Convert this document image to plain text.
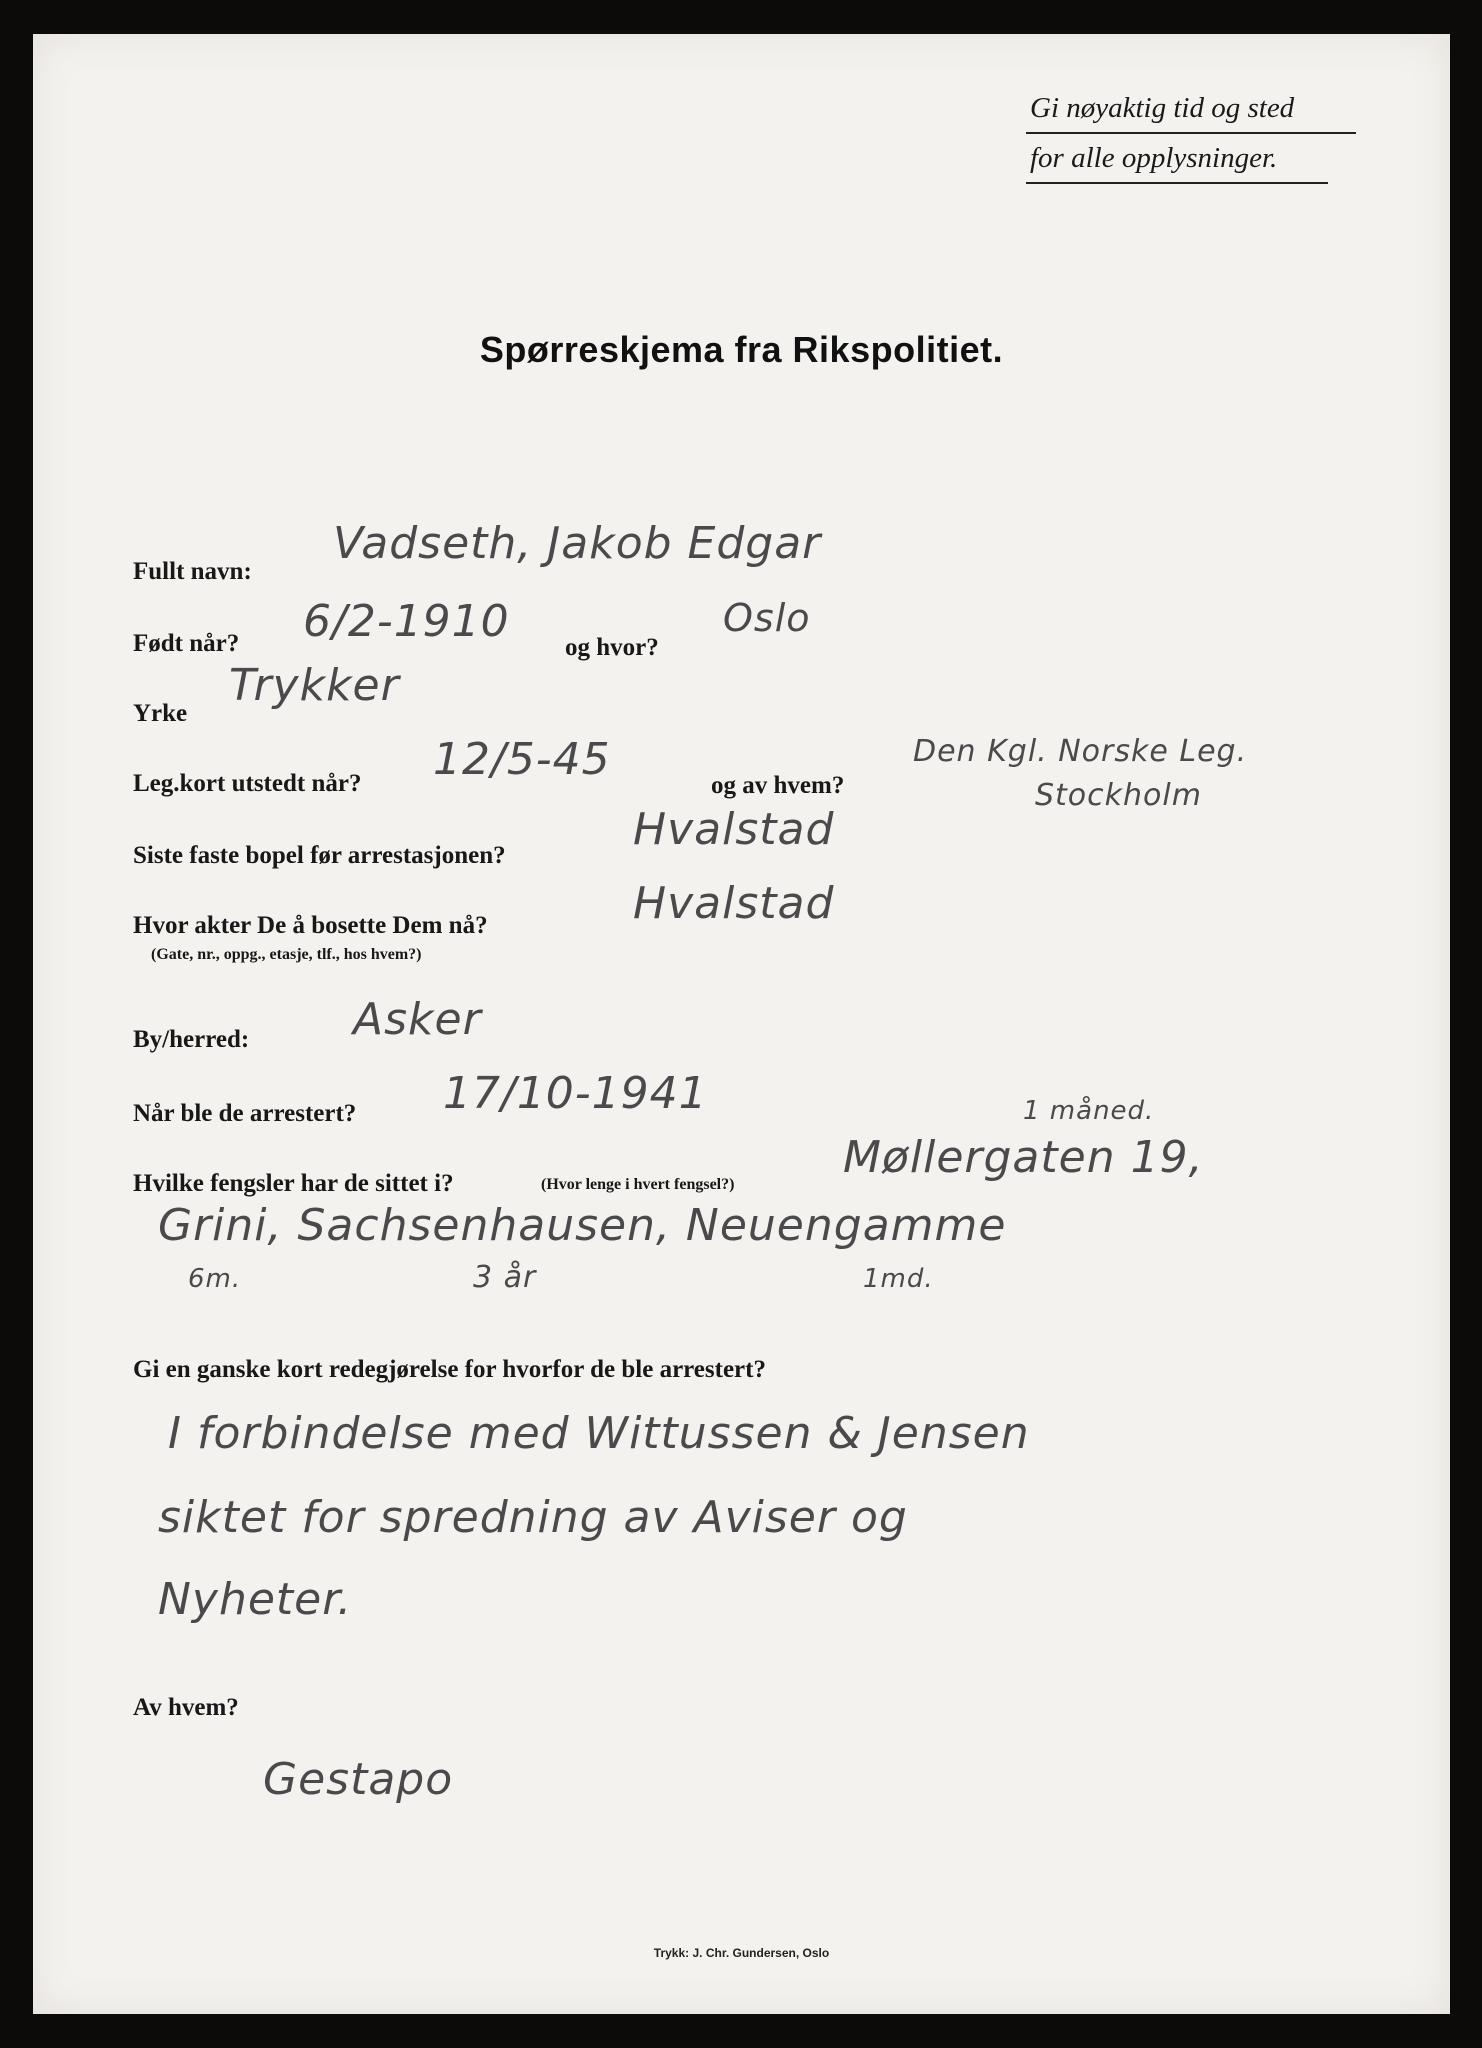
Gi nøyaktig tid og sted
for alle opplysninger.
Spørreskjema fra Rikspolitiet.
Fullt navn:
Vadseth, Jakob Edgar
Født når? 6/2-1910
og hvor?
Oslo
Yrke
Trykker
Leg.kort utstedt når? 12/5-45
og av hvem?
Den Kgl. Norske Leg.
Stockholm
Siste faste bopel før arrestasjonen?
Hvalstad
Hvor akter De å bosette Dem nå?	Hvalstad
(Gate, nr., oppg., etasje, tlf., hos hvem?)
By/herred: Asker
Når ble de arrestert? 17/10-1941	1 måned.
Hvilke fengsler har de sittet i?	(Hvor lenge i hvert fengsel?)
Møllergaten 19,
Grini, Sachsenhausen, Neuengamme
6m.	3 år	1md.
Gi en ganske kort redegjørelse for hvorfor de ble arrestert?
I forbindelse med Wittussen & Jensen
siktet for spredning av Aviser og
Nyheter.
Av hvem?
Gestapo
Trykk: J. Chr. Gundersen, Oslo
